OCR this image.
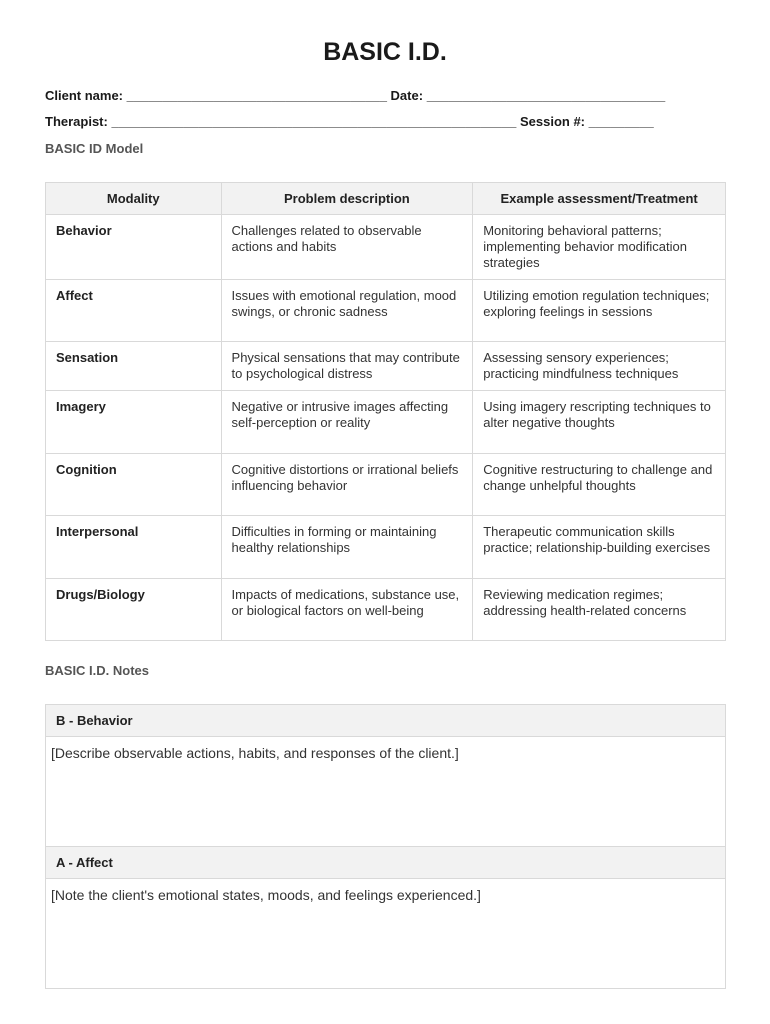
BASIC I.D.
Client name: ____________________________________ Date: _________________________________
Therapist: ________________________________________________________ Session #: _________
BASIC ID Model
Modality	Problem description	Example assessment/Treatment
Behavior	Challenges related to observable actions and habits	Monitoring behavioral patterns; implementing behavior modification strategies
Affect	Issues with emotional regulation, mood swings, or chronic sadness	Utilizing emotion regulation techniques; exploring feelings in sessions
Sensation	Physical sensations that may contribute to psychological distress	Assessing sensory experiences; practicing mindfulness techniques
Imagery	Negative or intrusive images affecting self-perception or reality	Using imagery rescripting techniques to alter negative thoughts
Cognition	Cognitive distortions or irrational beliefs influencing behavior	Cognitive restructuring to challenge and change unhelpful thoughts
Interpersonal	Difficulties in forming or maintaining healthy relationships	Therapeutic communication skills practice; relationship-building exercises
Drugs/Biology	Impacts of medications, substance use, or biological factors on well-being	Reviewing medication regimes; addressing health-related concerns
BASIC I.D. Notes
B - Behavior
[Describe observable actions, habits, and responses of the client.]
A - Affect
[Note the client's emotional states, moods, and feelings experienced.]
